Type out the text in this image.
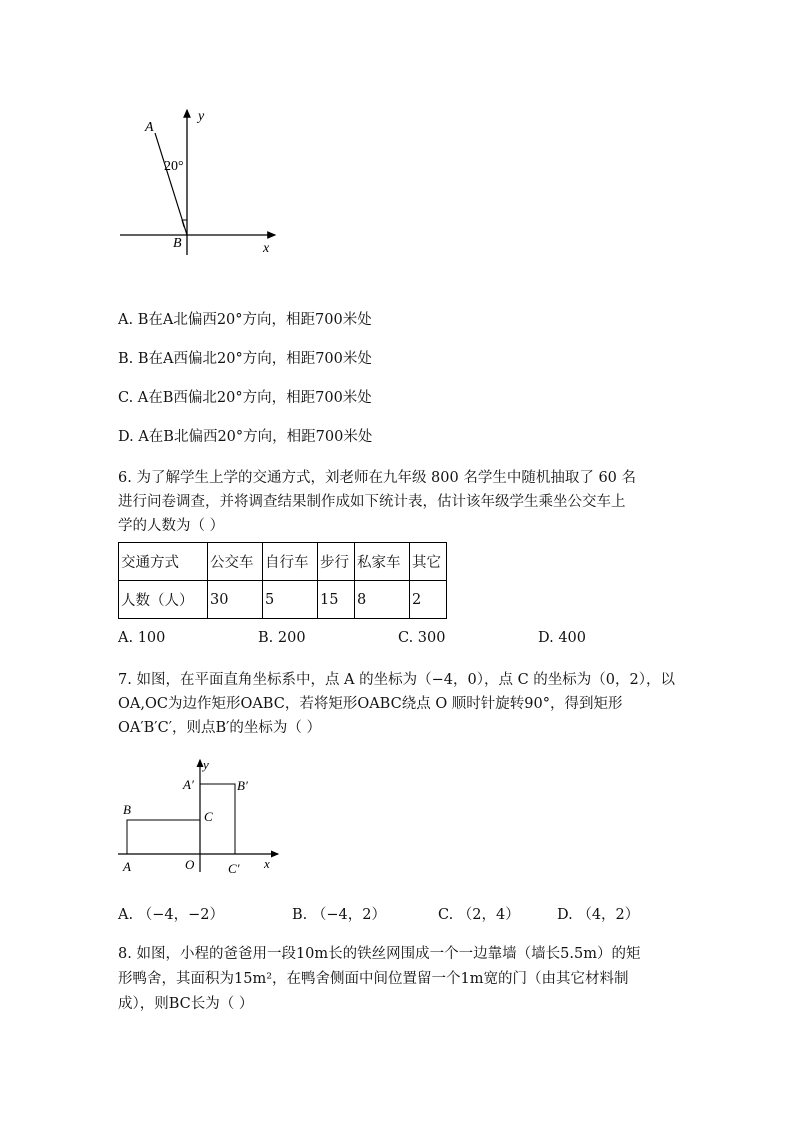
A
20°
y
B	x
A. B在A北偏西20°方向，相距700米处
B. B在A西偏北20°方向，相距700米处
C. A在B西偏北20°方向，相距700米处
D. A在B北偏西20°方向，相距700米处
6. 为了解学生上学的交通方式，刘老师在九年级 800 名学生中随机抽取了 60 名
进行问卷调查，并将调查结果制作成如下统计表，估计该年级学生乘坐公交车上
学的人数为（ ）
交通方式	公交车	自行车	步行	私家车	其它
人数（人）	30	5	15	8	2
A. 100	B. 200	C. 300	D. 400
7. 如图，在平面直角坐标系中，点 A 的坐标为（−4，0），点 C 的坐标为（0，2），以
OA,OC为边作矩形OABC，若将矩形OABC绕点 O 顺时针旋转90°，得到矩形
OA′B′C′，则点B′的坐标为（ ）
y
A′	B′
B	C
A	O	C′ x
A. （−4，−2）	B. （−4，2）	C. （2，4）	D. （4，2）
8. 如图，小程的爸爸用一段10m长的铁丝网围成一个一边靠墙（墙长5.5m）的矩
形鸭舍，其面积为15m²，在鸭舍侧面中间位置留一个1m宽的门（由其它材料制
成），则BC长为（ ）
